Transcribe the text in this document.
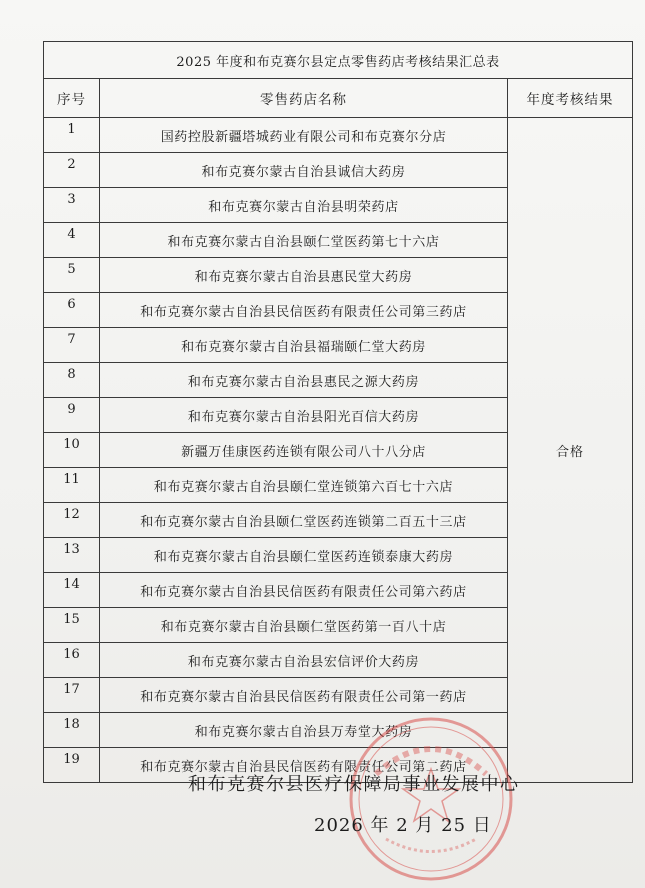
2025 年度和布克赛尔县定点零售药店考核结果汇总表		
序号	零售药店名称	年度考核结果
1	国药控股新疆塔城药业有限公司和布克赛尔分店	合格
2	和布克赛尔蒙古自治县诚信大药房	
3	和布克赛尔蒙古自治县明荣药店	
4	和布克赛尔蒙古自治县颐仁堂医药第七十六店	
5	和布克赛尔蒙古自治县惠民堂大药房	
6	和布克赛尔蒙古自治县民信医药有限责任公司第三药店	
7	和布克赛尔蒙古自治县福瑞颐仁堂大药房	
8	和布克赛尔蒙古自治县惠民之源大药房	
9	和布克赛尔蒙古自治县阳光百信大药房	
10	新疆万佳康医药连锁有限公司八十八分店	
11	和布克赛尔蒙古自治县颐仁堂连锁第六百七十六店	
12	和布克赛尔蒙古自治县颐仁堂医药连锁第二百五十三店	
13	和布克赛尔蒙古自治县颐仁堂医药连锁泰康大药房	
14	和布克赛尔蒙古自治县民信医药有限责任公司第六药店	
15	和布克赛尔蒙古自治县颐仁堂医药第一百八十店	
16	和布克赛尔蒙古自治县宏信评价大药房	
17	和布克赛尔蒙古自治县民信医药有限责任公司第一药店	
18	和布克赛尔蒙古自治县万寿堂大药房	
19	和布克赛尔蒙古自治县民信医药有限责任公司第二药店	
和布克赛尔县医疗保障局事业发展中心
2026 年 2 月 25 日
